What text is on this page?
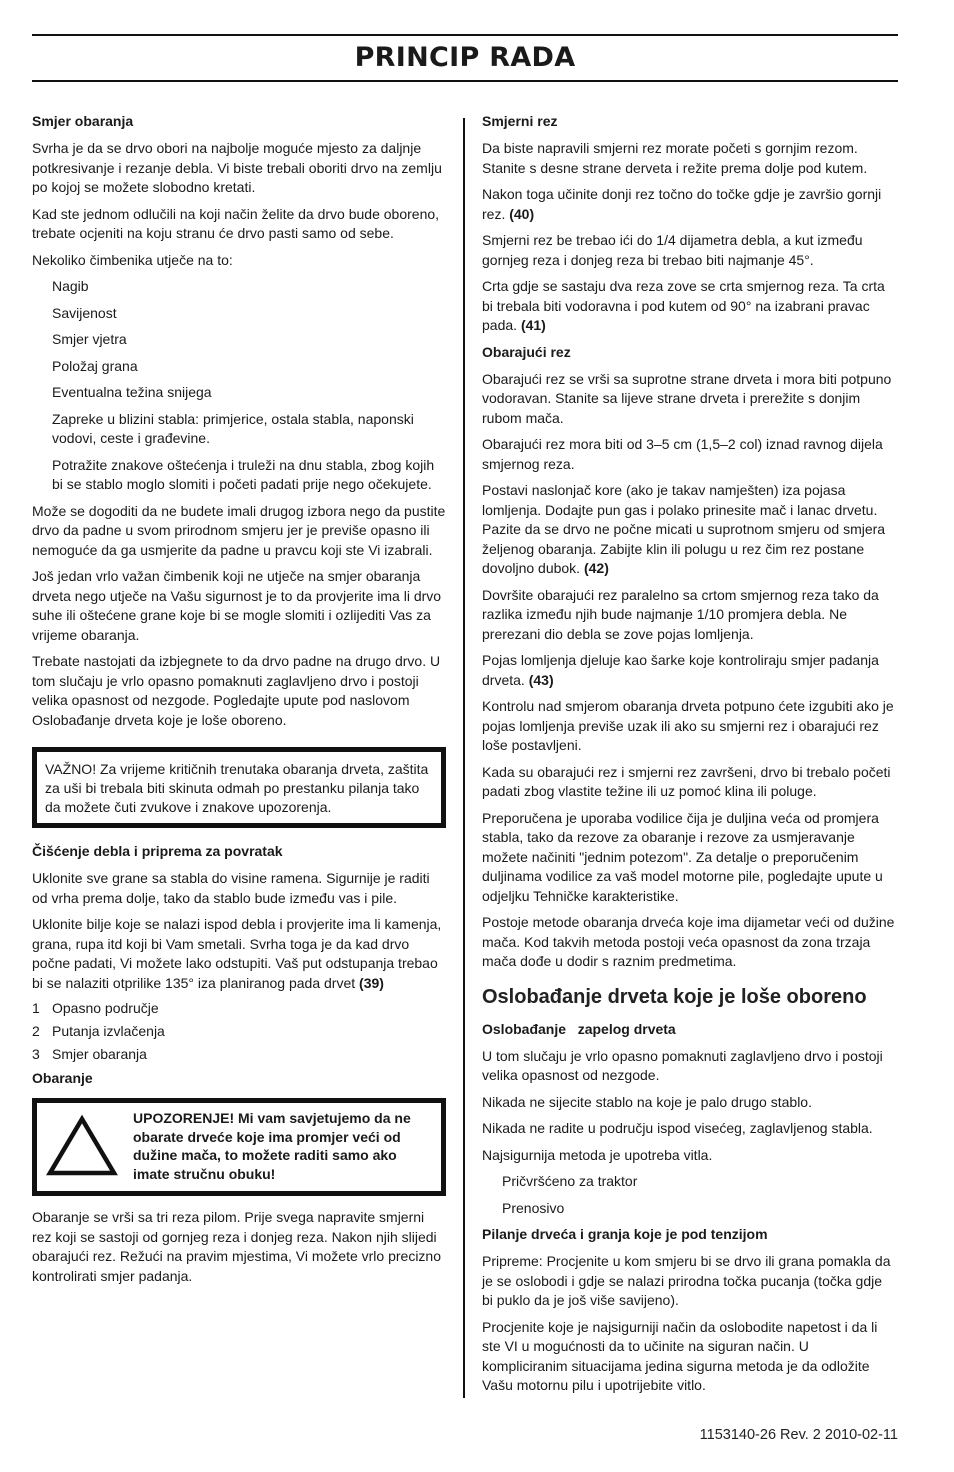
PRINCIP RADA
Smjer obaranja

Svrha je da se drvo obori na najbolje moguće mjesto za daljnje potkresivanje i rezanje debla. Vi biste trebali oboriti drvo na zemlju po kojoj se možete slobodno kretati.

Kad ste jednom odlučili na koji način želite da drvo bude oboreno, trebate ocjeniti na koju stranu će drvo pasti samo od sebe.

Nekoliko čimbenika utječe na to:

Nagib

Savijenost

Smjer vjetra

Položaj grana

Eventualna težina snijega

Zapreke u blizini stabla: primjerice, ostala stabla, naponski vodovi, ceste i građevine.

Potražite znakove oštećenja i truleži na dnu stabla, zbog kojih bi se stablo moglo slomiti i početi padati prije nego očekujete.

Može se dogoditi da ne budete imali drugog izbora nego da pustite drvo da padne u svom prirodnom smjeru jer je previše opasno ili nemoguće da ga usmjerite da padne u pravcu koji ste Vi izabrali.

Još jedan vrlo važan čimbenik koji ne utječe na smjer obaranja drveta nego utječe na Vašu sigurnost je to da provjerite ima li drvo suhe ili oštećene grane koje bi se mogle slomiti i ozlijediti Vas za vrijeme obaranja.

Trebate nastojati da izbjegnete to da drvo padne na drugo drvo. U tom slučaju je vrlo opasno pomaknuti zaglavljeno drvo i postoji velika opasnost od nezgode. Pogledajte upute pod naslovom Oslobađanje drveta koje je loše oboreno.

VAŽNO! Za vrijeme kritičnih trenutaka obaranja drveta, zaštita za uši bi trebala biti skinuta odmah po prestanku pilanja tako da možete čuti zvukove i znakove upozorenja.
Čišćenje debla i priprema za povratak

Uklonite sve grane sa stabla do visine ramena. Sigurnije je raditi od vrha prema dolje, tako da stablo bude između vas i pile.

Uklonite bilje koje se nalazi ispod debla i provjerite ima li kamenja, grana, rupa itd koji bi Vam smetali. Svrha toga je da kad drvo počne padati, Vi možete lako odstupiti. Vaš put odstupanja trebao bi se nalaziti otprilike 135° iza planiranog pada drvet (39)

1 Opasno područje
2 Putanja izvlačenja
3 Smjer obaranja
Obaranje
UPOZORENJE! Mi vam savjetujemo da ne obarate drveće koje ima promjer veći od dužine mača, to možete raditi samo ako imate stručnu obuku!

Obaranje se vrši sa tri reza pilom. Prije svega napravite smjerni rez koji se sastoji od gornjeg reza i donjeg reza. Nakon njih slijedi obarajući rez. Režući na pravim mjestima, Vi možete vrlo precizno kontrolirati smjer padanja.

Smjerni rez

Da biste napravili smjerni rez morate početi s gornjim rezom. Stanite s desne strane derveta i režite prema dolje pod kutem.

Nakon toga učinite donji rez točno do točke gdje je završio gornji rez. (40)

Smjerni rez be trebao ići do 1/4 dijametra debla, a kut između gornjeg reza i donjeg reza bi trebao biti najmanje 45°.

Crta gdje se sastaju dva reza zove se crta smjernog reza. Ta crta bi trebala biti vodoravna i pod kutem od 90° na izabrani pravac pada. (41)

Obarajući rez

Obarajući rez se vrši sa suprotne strane drveta i mora biti potpuno vodoravan. Stanite sa lijeve strane drveta i prerežite s donjim rubom mača.

Obarajući rez mora biti od 3–5 cm (1,5–2 col) iznad ravnog dijela smjernog reza.

Postavi naslonjač kore (ako je takav namješten) iza pojasa lomljenja. Dodajte pun gas i polako prinesite mač i lanac drvetu. Pazite da se drvo ne počne micati u suprotnom smjeru od smjera željenog obaranja. Zabijte klin ili polugu u rez čim rez postane dovoljno dubok. (42)

Dovršite obarajući rez paralelno sa crtom smjernog reza tako da razlika između njih bude najmanje 1/10 promjera debla. Ne prerezani dio debla se zove pojas lomljenja.

Pojas lomljenja djeluje kao šarke koje kontroliraju smjer padanja drveta. (43)

Kontrolu nad smjerom obaranja drveta potpuno ćete izgubiti ako je pojas lomljenja previše uzak ili ako su smjerni rez i obarajući rez loše postavljeni.

Kada su obarajući rez i smjerni rez završeni, drvo bi trebalo početi padati zbog vlastite težine ili uz pomoć klina ili poluge.

Preporučena je uporaba vodilice čija je duljina veća od promjera stabla, tako da rezove za obaranje i rezove za usmjeravanje možete načiniti "jednim potezom". Za detalje o preporučenim duljinama vodilice za vaš model motorne pile, pogledajte upute u odjeljku Tehničke karakteristike.

Postoje metode obaranja drveća koje ima dijametar veći od dužine mača. Kod takvih metoda postoji veća opasnost da zona trzaja mača dođe u dodir s raznim predmetima.

Oslobađanje drveta koje je loše oboreno
Oslobađanje   zapelog drveta

U tom slučaju je vrlo opasno pomaknuti zaglavljeno drvo i postoji velika opasnost od nezgode.

Nikada ne sijecite stablo na koje je palo drugo stablo.

Nikada ne radite u području ispod visećeg, zaglavljenog stabla.

Najsigurnija metoda je upotreba vitla.

Pričvršćeno za traktor

Prenosivo

Pilanje drveća i granja koje je pod tenzijom

Pripreme: Procjenite u kom smjeru bi se drvo ili grana pomakla da je se oslobodi i gdje se nalazi prirodna točka pucanja (točka gdje bi puklo da je još više savijeno).

Procjenite koje je najsigurniji način da oslobodite napetost i da li ste VI u mogućnosti da to učinite na siguran način. U kompliciranim situacijama jedina sigurna metoda je da odložite Vašu motornu pilu i upotrijebite vitlo.

1153140-26 Rev. 2 2010-02-11
